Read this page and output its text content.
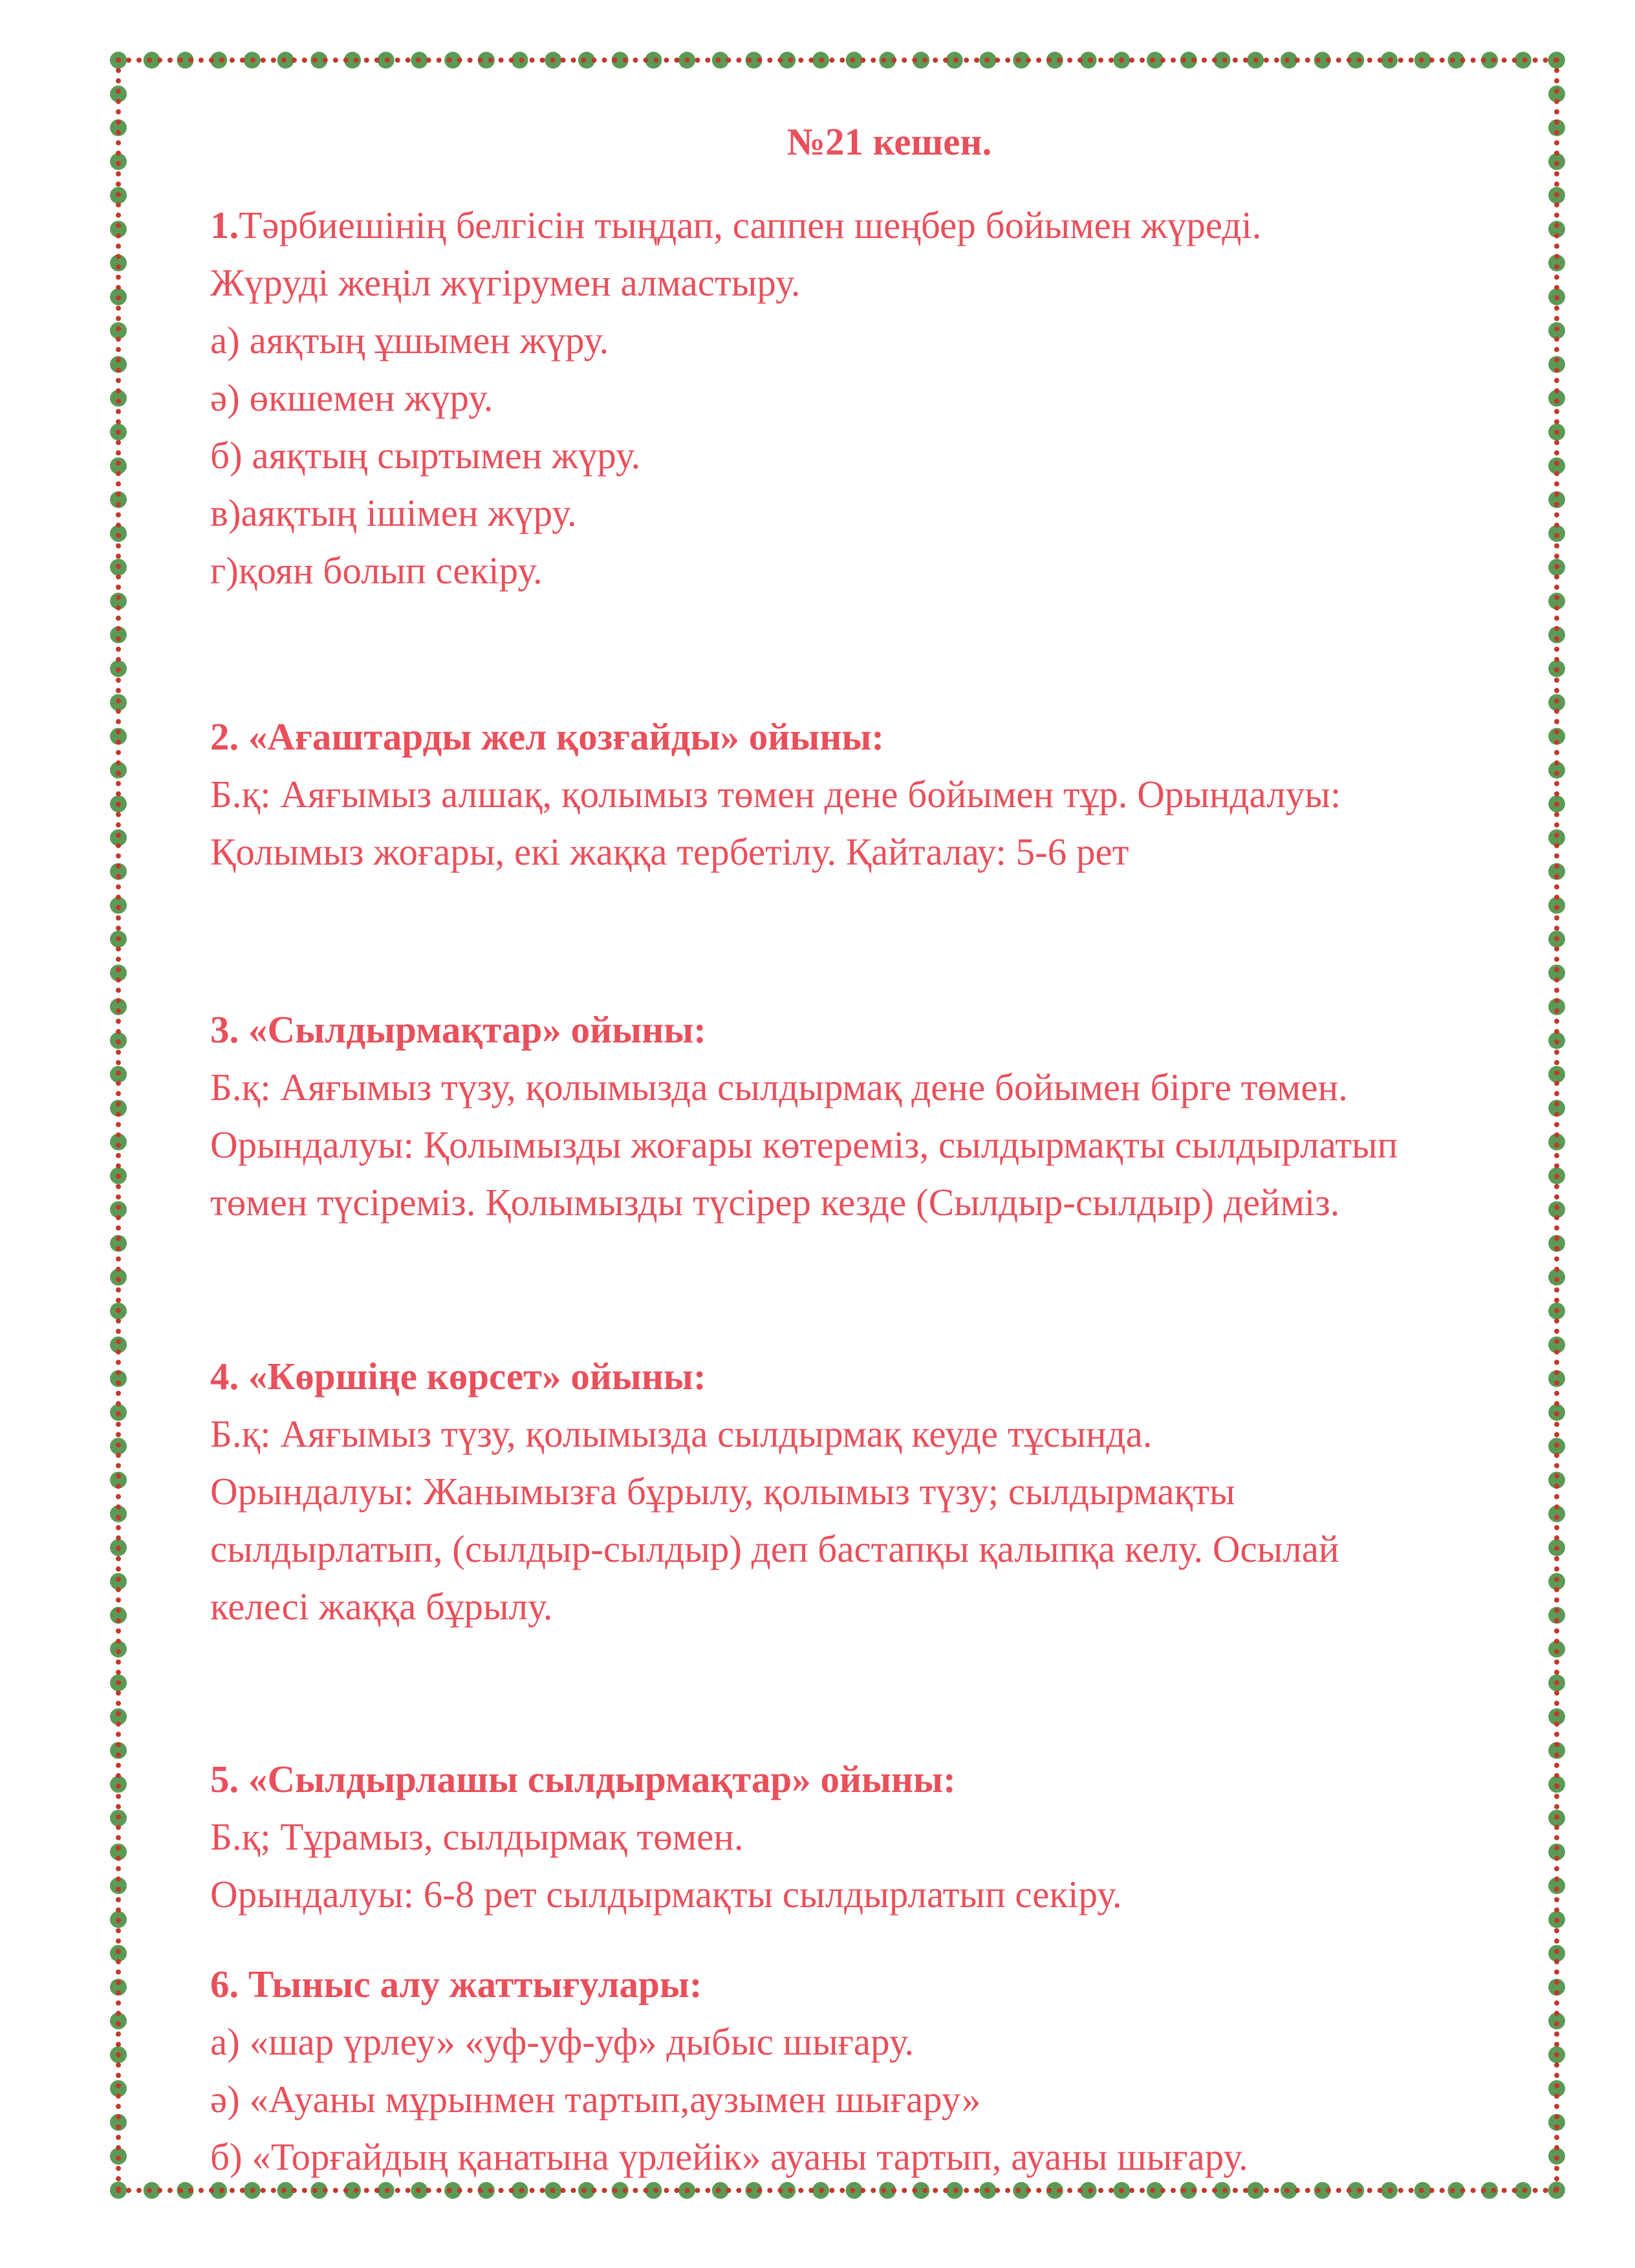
№21 кешен.

1.Тәрбиешінің белгісін тыңдап, саппен шеңбер бойымен жүреді.

Жүруді жеңіл жүгірумен алмастыру.

а) аяқтың ұшымен жүру.

ә) өкшемен жүру.

б) аяқтың сыртымен жүру.

в)аяқтың ішімен жүру.

г)қоян болып секіру.

2. «Ағаштарды жел қозғайды» ойыны:

Б.қ: Аяғымыз алшақ, қолымыз төмен дене бойымен тұр. Орындалуы:

Қолымыз жоғары, екі жаққа тербетілу. Қайталау: 5-6 рет

3. «Сылдырмақтар» ойыны:

Б.қ: Аяғымыз түзу, қолымызда сылдырмақ дене бойымен бірге төмен.

Орындалуы: Қолымызды жоғары көтереміз, сылдырмақты сылдырлатып

төмен түсіреміз. Қолымызды түсірер кезде (Сылдыр-сылдыр) дейміз.

4. «Көршіңе көрсет» ойыны:

Б.қ: Аяғымыз түзу, қолымызда сылдырмақ кеуде тұсында.

Орындалуы: Жанымызға бұрылу, қолымыз түзу; сылдырмақты

сылдырлатып, (сылдыр-сылдыр) деп бастапқы қалыпқа келу. Осылай

келесі жаққа бұрылу.

5. «Сылдырлашы сылдырмақтар» ойыны:

Б.қ; Тұрамыз, сылдырмақ төмен.

Орындалуы: 6-8 рет сылдырмақты сылдырлатып секіру.

6. Тыныс алу жаттығулары:

а) «шар үрлеу» «уф-уф-уф» дыбыс шығару.

ә) «Ауаны мұрынмен тартып,аузымен шығару»

б) «Торғайдың қанатына үрлейік» ауаны тартып, ауаны шығару.
